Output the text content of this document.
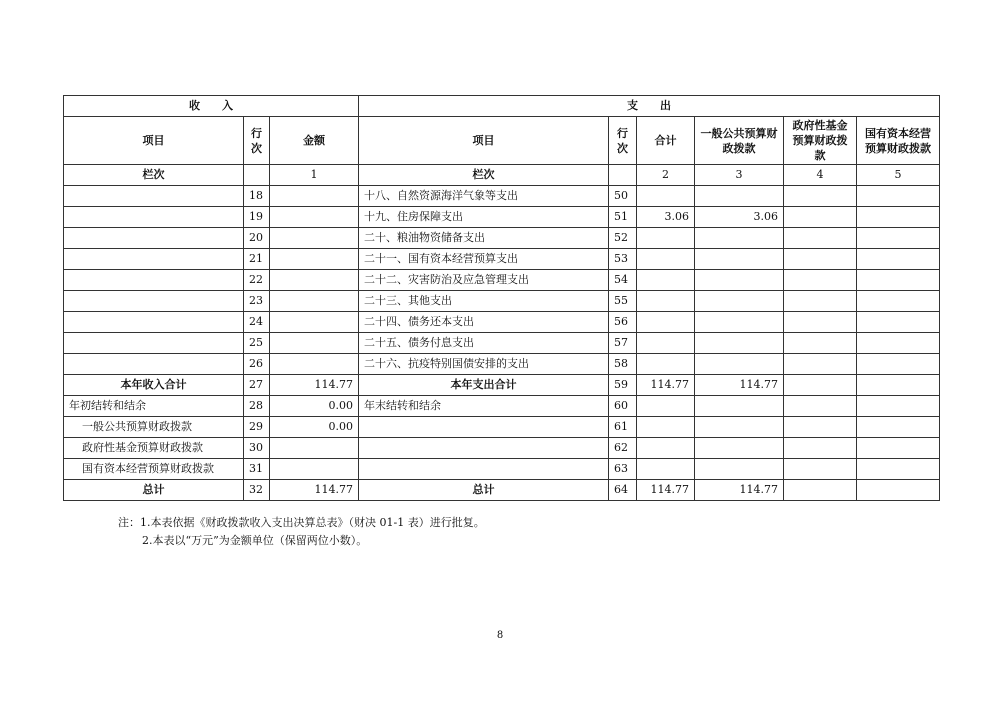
收　　入			支　　出					
项目	行次	金额	项目	行次	合计	一般公共预算财政拨款	政府性基金预算财政拨款	国有资本经营预算财政拨款
栏次		1	栏次		2	3	4	5
	18		十八、自然资源海洋气象等支出	50				
	19		十九、住房保障支出	51	3.06	3.06		
	20		二十、粮油物资储备支出	52				
	21		二十一、国有资本经营预算支出	53				
	22		二十二、灾害防治及应急管理支出	54				
	23		二十三、其他支出	55				
	24		二十四、债务还本支出	56				
	25		二十五、债务付息支出	57				
	26		二十六、抗疫特别国债安排的支出	58				
本年收入合计	27	114.77	本年支出合计	59	114.77	114.77		
年初结转和结余	28	0.00	年末结转和结余	60				
一般公共预算财政拨款	29	0.00		61				
政府性基金预算财政拨款	30			62				
国有资本经营预算财政拨款	31			63				
总计	32	114.77	总计	64	114.77	114.77		
注：1.本表依据《财政拨款收入支出决算总表》（财决 01-1 表）进行批复。
2.本表以“万元”为金额单位（保留两位小数）。
8
